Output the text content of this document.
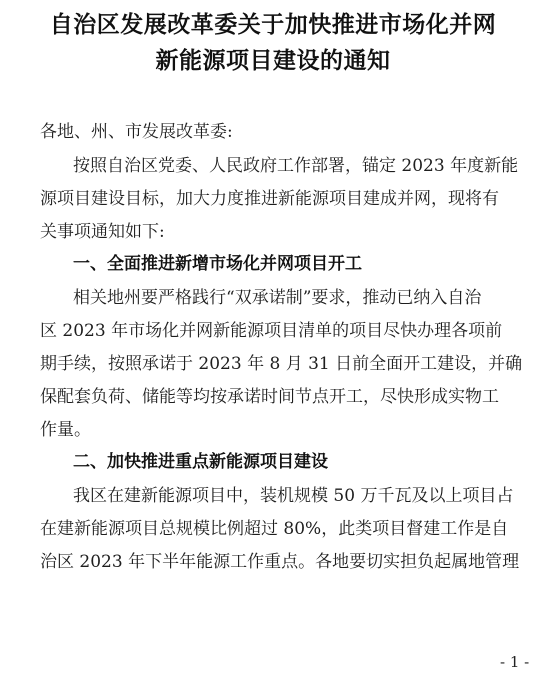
自治区发展改革委关于加快推进市场化并网
新能源项目建设的通知
各地、州、市发展改革委:
按照自治区党委、人民政府工作部署，锚定 2023 年度新能
源项目建设目标，加大力度推进新能源项目建成并网，现将有
关事项通知如下:
一、全面推进新增市场化并网项目开工
相关地州要严格践行“双承诺制”要求，推动已纳入自治
区 2023 年市场化并网新能源项目清单的项目尽快办理各项前
期手续，按照承诺于 2023 年 8 月 31 日前全面开工建设，并确
保配套负荷、储能等均按承诺时间节点开工，尽快形成实物工
作量。
二、加快推进重点新能源项目建设
我区在建新能源项目中，装机规模 50 万千瓦及以上项目占
在建新能源项目总规模比例超过 80%，此类项目督建工作是自
治区 2023 年下半年能源工作重点。各地要切实担负起属地管理
- 1 -
